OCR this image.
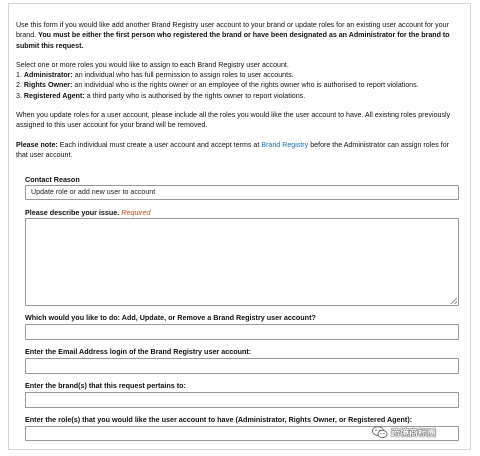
Use this form if you would like add another Brand Registry user account to your brand or update roles for an existing user account for your brand. You must be either the first person who registered the brand or have been designated as an Administrator for the brand to submit this request.

Select one or more roles you would like to assign to each Brand Registry user account.

1. Administrator: an individual who has full permission to assign roles to user accounts.

2. Rights Owner: an individual who is the rights owner or an employee of the rights owner who is authorised to report violations.

3. Registered Agent: a third party who is authorised by the rights owner to report violations.

When you update roles for a user account, please include all the roles you would like the user account to have. All existing roles previously assigned to this user account for your brand will be removed.

Please note: Each individual must create a user account and accept terms at Brand Registry before the Administrator can assign roles for that user account.

Contact Reason
Update role or add new user to account
Please describe your issue. Required
Which would you like to do: Add, Update, or Remove a Brand Registry user account?
Enter the Email Address login of the Brand Registry user account:
Enter the brand(s) that this request pertains to:
Enter the role(s) that you would like the user account to have (Administrator, Rights Owner, or Registered Agent):
跨境商标圈
